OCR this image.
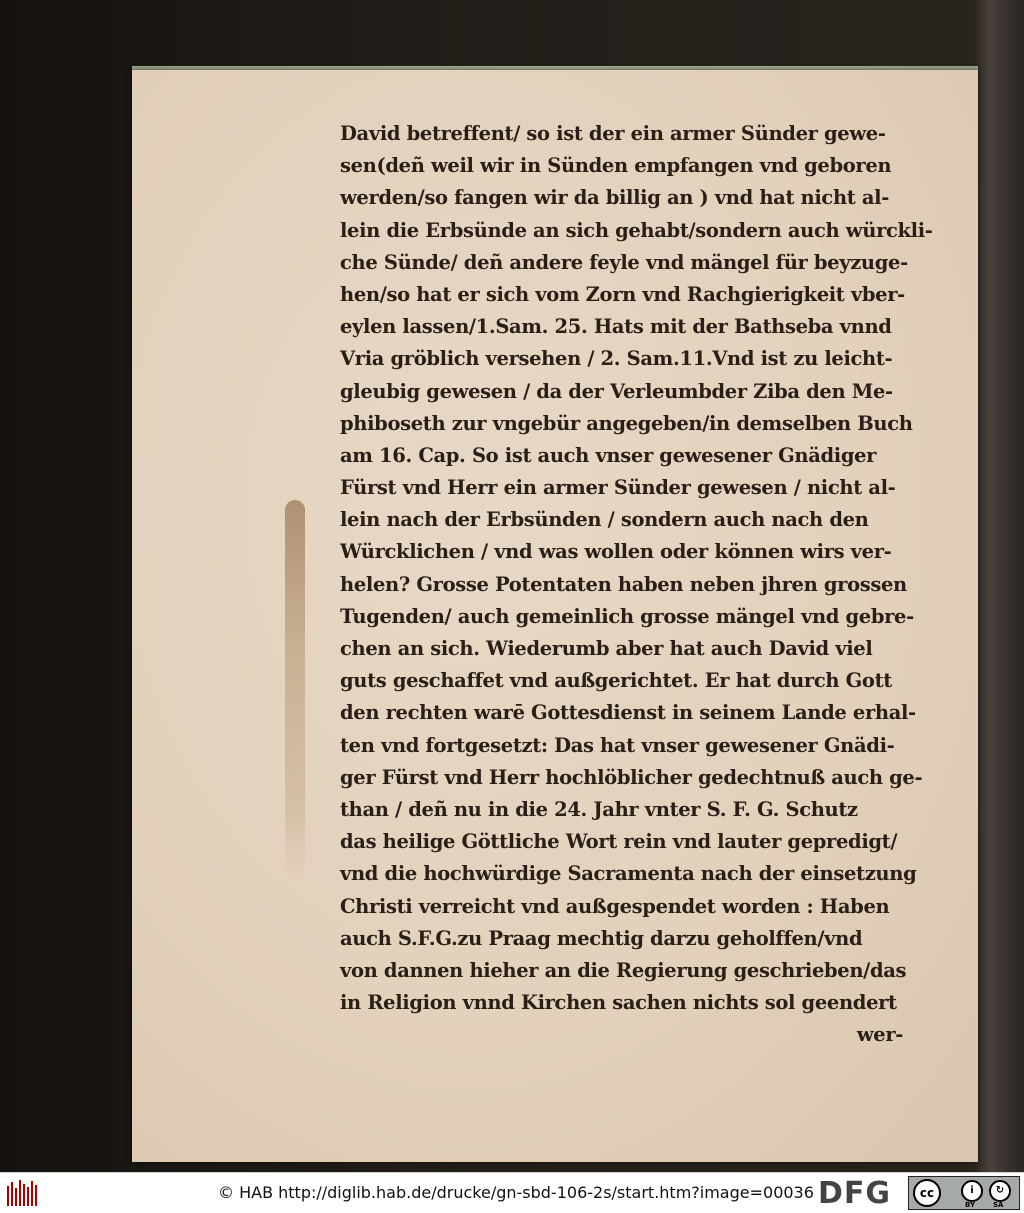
David betreffent/ so ist der ein armer Sünder gewe-
sen(deñ weil wir in Sünden empfangen vnd geboren
werden/so fangen wir da billig an ) vnd hat nicht al-
lein die Erbsünde an sich gehabt/sondern auch würckli-
che Sünde/ deñ andere feyle vnd mängel für beyzuge-
hen/so hat er sich vom Zorn vnd Rachgierigkeit vber-
eylen lassen/1.Sam. 25. Hats mit der Bathseba vnnd
Vria gröblich versehen / 2. Sam.11.Vnd ist zu leicht-
gleubig gewesen / da der Verleumbder Ziba den Me-
phiboseth zur vngebür angegeben/in demselben Buch
am 16. Cap. So ist auch vnser gewesener Gnädiger
Fürst vnd Herr ein armer Sünder gewesen / nicht al-
lein nach der Erbsünden / sondern auch nach den
Würcklichen / vnd was wollen oder können wirs ver-
helen? Grosse Potentaten haben neben jhren grossen
Tugenden/ auch gemeinlich grosse mängel vnd gebre-
chen an sich. Wiederumb aber hat auch David viel
guts geschaffet vnd außgerichtet. Er hat durch Gott
den rechten warē Gottesdienst in seinem Lande erhal-
ten vnd fortgesetzt: Das hat vnser gewesener Gnädi-
ger Fürst vnd Herr hochlöblicher gedechtnuß auch ge-
than / deñ nu in die 24. Jahr vnter S. F. G. Schutz
das heilige Göttliche Wort rein vnd lauter gepredigt/
vnd die hochwürdige Sacramenta nach der einsetzung
Christi verreicht vnd außgespendet worden : Haben
auch S.F.G.zu Praag mechtig darzu geholffen/vnd
von dannen hieher an die Regierung geschrieben/das
in Religion vnnd Kirchen sachen nichts sol geendert
wer-
© HAB http://diglib.hab.de/drucke/gn-sbd-106-2s/start.htm?image=00036 DFG	cc	i	↻
BY	SA
